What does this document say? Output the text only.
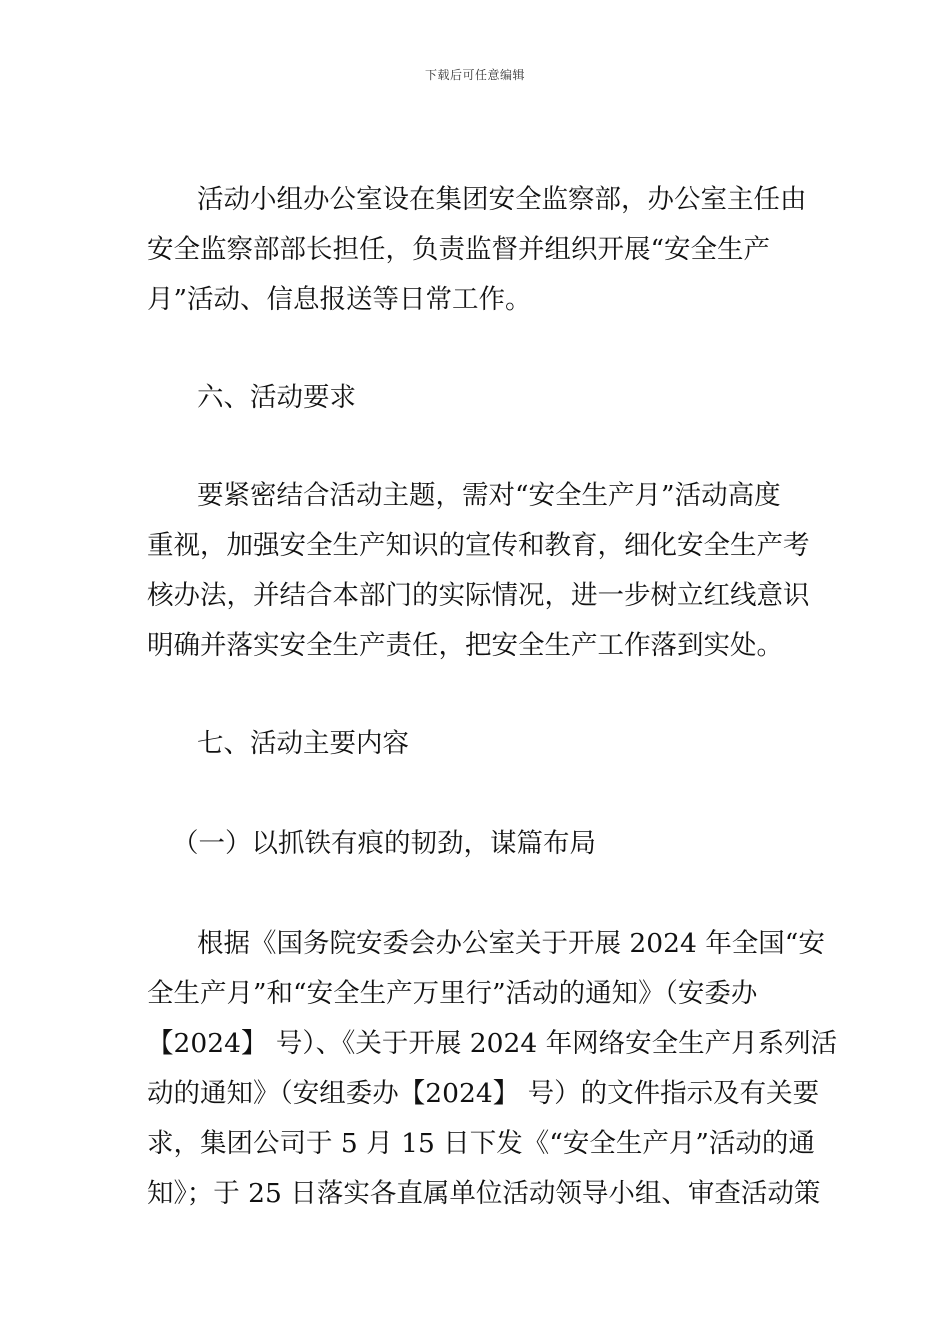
下载后可任意编辑
活动小组办公室设在集团安全监察部，办公室主任由
安全监察部部长担任，负责监督并组织开展“安全生产
月”活动、信息报送等日常工作。
六、活动要求
要紧密结合活动主题，需对“安全生产月”活动高度
重视，加强安全生产知识的宣传和教育，细化安全生产考
核办法，并结合本部门的实际情况，进一步树立红线意识
明确并落实安全生产责任，把安全生产工作落到实处。
七、活动主要内容
（一）以抓铁有痕的韧劲，谋篇布局
根据《国务院安委会办公室关于开展 2024 年全国“安
全生产月”和“安全生产万里行”活动的通知》（安委办
【2024】 号）、《关于开展 2024 年网络安全生产月系列活
动的通知》（安组委办【2024】 号）的文件指示及有关要
求，集团公司于 5 月 15 日下发《“安全生产月”活动的通
知》；于 25 日落实各直属单位活动领导小组、审查活动策
